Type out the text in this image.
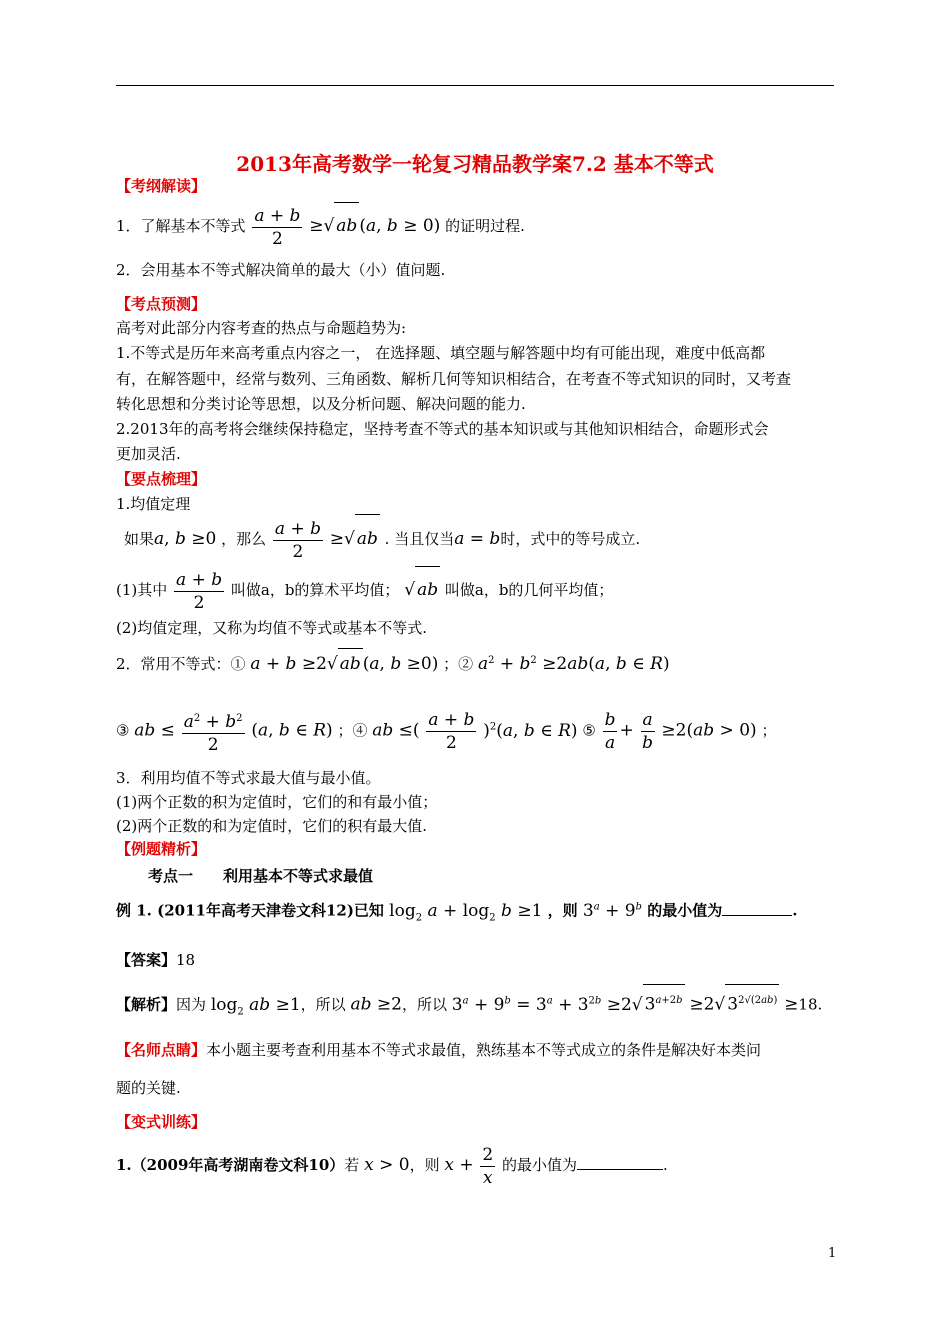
2013年高考数学一轮复习精品教学案7.2 基本不等式
【考纲解读】
1．了解基本不等式 $\frac{a + b}{2}$ ≥√ ab (a, b ≥ 0) 的证明过程.
2．会用基本不等式解决简单的最大（小）值问题.
【考点预测】
高考对此部分内容考查的热点与命题趋势为:
1.不等式是历年来高考重点内容之一， 在选择题、填空题与解答题中均有可能出现，难度中低高都
有，在解答题中，经常与数列、三角函数、解析几何等知识相结合，在考查不等式知识的同时，又考查
转化思想和分类讨论等思想，以及分析问题、解决问题的能力.
2.2013年的高考将会继续保持稳定，坚持考查不等式的基本知识或与其他知识相结合，命题形式会
更加灵活.
【要点梳理】
1.均值定理
如果a, b ≥0 ，那么 $\frac{a + b}{2}$ ≥√ ab . 当且仅当a = b时，式中的等号成立.
(1)其中 $\frac{a + b}{2}$ 叫做a，b的算术平均值； √ ab 叫做a，b的几何平均值；
(2)均值定理，又称为均值不等式或基本不等式.
2．常用不等式：① a + b ≥2√ ab (a, b ≥0) ；② $a^2 + b^2 \ge 2ab(a$, b ∈ R)
③ ab ≤ $\frac{a^2 + b^2}{2} (a$, b ∈ R) ；④ ab ≤( $\frac{a + b}{2} )^2(a$, b ∈ R) ⑤ $\frac{b}{a} + \frac{a}{b} \ge 2(ab > 0)$ ；
3．利用均值不等式求最大值与最小值。
(1)两个正数的积为定值时，它们的和有最小值；
(2)两个正数的和为定值时，它们的积有最大值.
【例题精析】
考点一　　利用基本不等式求最值
例 1. (2011年高考天津卷文科12)已知 $\log_2 a + \log_2 b \ge 1$ ，则 $3^a + 9^b$ 的最小值为	.
【答案】18
【解析】因为 $\log_2$ ab ≥1，所以 ab ≥2，所以 $3^a + 9^b = 3^a + 3^{2b} \ge 2√$ $3^{a+2b} \ge 2√$ $3^{2√(2ab)} \ge 18$.
【名师点睛】本小题主要考查利用基本不等式求最值，熟练基本不等式成立的条件是解决好本类问
题的关键.
【变式训练】
1.（2009年高考湖南卷文科10）若 x > 0，则 $x + \frac{2}{x}$ 的最小值为	.
1
